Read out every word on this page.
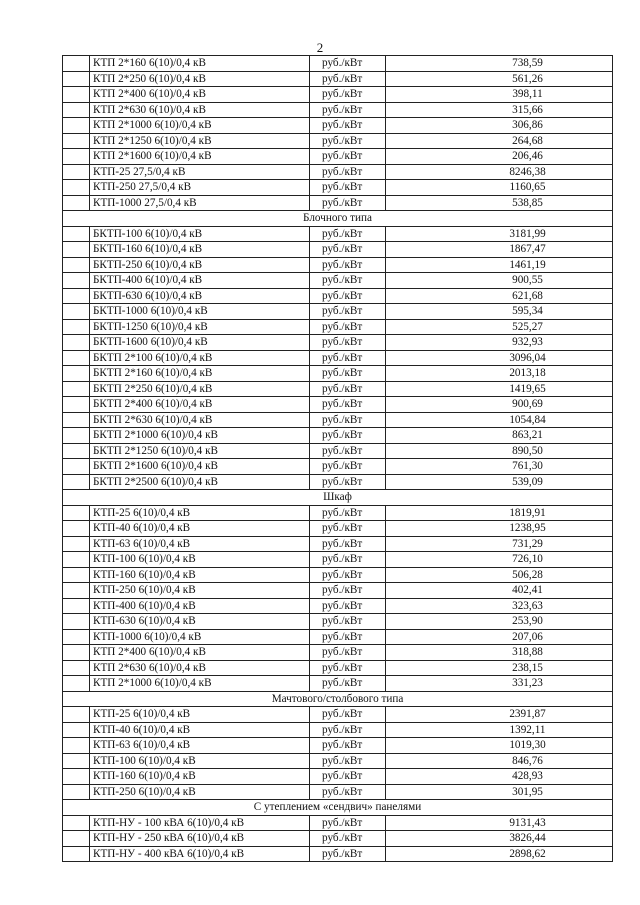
2
	КТП 2*160 6(10)/0,4 кВ	руб./кВт	738,59
	КТП 2*250 6(10)/0,4 кВ	руб./кВт	561,26
	КТП 2*400 6(10)/0,4 кВ	руб./кВт	398,11
	КТП 2*630 6(10)/0,4 кВ	руб./кВт	315,66
	КТП 2*1000 6(10)/0,4 кВ	руб./кВт	306,86
	КТП 2*1250 6(10)/0,4 кВ	руб./кВт	264,68
	КТП 2*1600 6(10)/0,4 кВ	руб./кВт	206,46
	КТП-25 27,5/0,4 кВ	руб./кВт	8246,38
	КТП-250 27,5/0,4 кВ	руб./кВт	1160,65
	КТП-1000 27,5/0,4 кВ	руб./кВт	538,85
Блочного типа			
	БКТП-100 6(10)/0,4 кВ	руб./кВт	3181,99
	БКТП-160 6(10)/0,4 кВ	руб./кВт	1867,47
	БКТП-250 6(10)/0,4 кВ	руб./кВт	1461,19
	БКТП-400 6(10)/0,4 кВ	руб./кВт	900,55
	БКТП-630 6(10)/0,4 кВ	руб./кВт	621,68
	БКТП-1000 6(10)/0,4 кВ	руб./кВт	595,34
	БКТП-1250 6(10)/0,4 кВ	руб./кВт	525,27
	БКТП-1600 6(10)/0,4 кВ	руб./кВт	932,93
	БКТП 2*100 6(10)/0,4 кВ	руб./кВт	3096,04
	БКТП 2*160 6(10)/0,4 кВ	руб./кВт	2013,18
	БКТП 2*250 6(10)/0,4 кВ	руб./кВт	1419,65
	БКТП 2*400 6(10)/0,4 кВ	руб./кВт	900,69
	БКТП 2*630 6(10)/0,4 кВ	руб./кВт	1054,84
	БКТП 2*1000 6(10)/0,4 кВ	руб./кВт	863,21
	БКТП 2*1250 6(10)/0,4 кВ	руб./кВт	890,50
	БКТП 2*1600 6(10)/0,4 кВ	руб./кВт	761,30
	БКТП 2*2500 6(10)/0,4 кВ	руб./кВт	539,09
Шкаф			
	КТП-25 6(10)/0,4 кВ	руб./кВт	1819,91
	КТП-40 6(10)/0,4 кВ	руб./кВт	1238,95
	КТП-63 6(10)/0,4 кВ	руб./кВт	731,29
	КТП-100 6(10)/0,4 кВ	руб./кВт	726,10
	КТП-160 6(10)/0,4 кВ	руб./кВт	506,28
	КТП-250 6(10)/0,4 кВ	руб./кВт	402,41
	КТП-400 6(10)/0,4 кВ	руб./кВт	323,63
	КТП-630 6(10)/0,4 кВ	руб./кВт	253,90
	КТП-1000 6(10)/0,4 кВ	руб./кВт	207,06
	КТП 2*400 6(10)/0,4 кВ	руб./кВт	318,88
	КТП 2*630 6(10)/0,4 кВ	руб./кВт	238,15
	КТП 2*1000 6(10)/0,4 кВ	руб./кВт	331,23
Мачтового/столбового типа			
	КТП-25 6(10)/0,4 кВ	руб./кВт	2391,87
	КТП-40 6(10)/0,4 кВ	руб./кВт	1392,11
	КТП-63 6(10)/0,4 кВ	руб./кВт	1019,30
	КТП-100 6(10)/0,4 кВ	руб./кВт	846,76
	КТП-160 6(10)/0,4 кВ	руб./кВт	428,93
	КТП-250 6(10)/0,4 кВ	руб./кВт	301,95
С утеплением «сендвич» панелями			
	КТП-НУ - 100 кВА 6(10)/0,4 кВ	руб./кВт	9131,43
	КТП-НУ - 250 кВА 6(10)/0,4 кВ	руб./кВт	3826,44
	КТП-НУ - 400 кВА 6(10)/0,4 кВ	руб./кВт	2898,62
